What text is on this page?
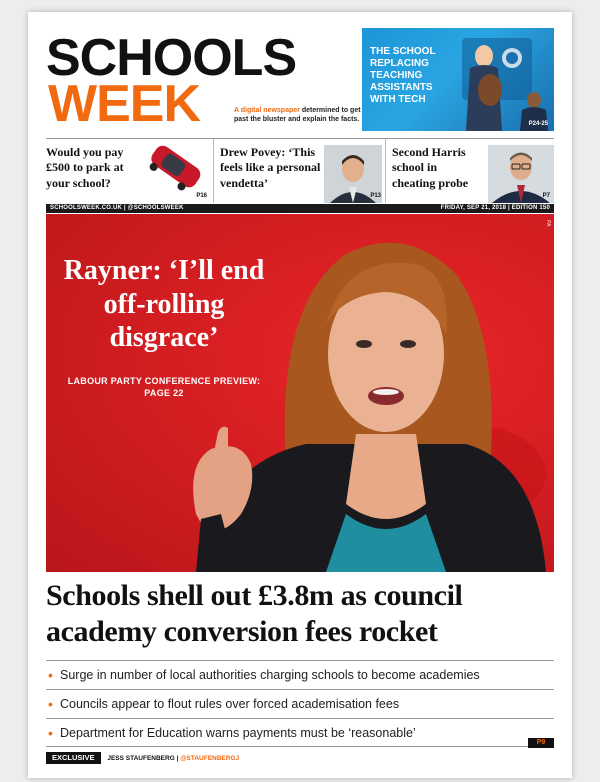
SCHOOLS
WEEK	A digital newspaper determined to get past the bluster and explain the facts.
THE SCHOOL REPLACING TEACHING ASSISTANTS WITH TECH
P24-25
Would you pay £500 to park at your school?
P16
Drew Povey: ‘This feels like a personal vendetta’
P13
Second Harris school in cheating probe
P7
SCHOOLSWEEK.CO.UK | @SCHOOLSWEEK	FRIDAY, SEP 21, 2018 | EDITION 150
Rayner: ‘I’ll end off-rolling disgrace’
LABOUR PARTY CONFERENCE PREVIEW: PAGE 22
PA
Schools shell out £3.8m as council academy conversion fees rocket
• Surge in number of local authorities charging schools to become academies
• Councils appear to flout rules over forced academisation fees
• Department for Education warns payments must be ‘reasonable’
P9
EXCLUSIVE JESS STAUFENBERG | @STAUFENBERGJ
